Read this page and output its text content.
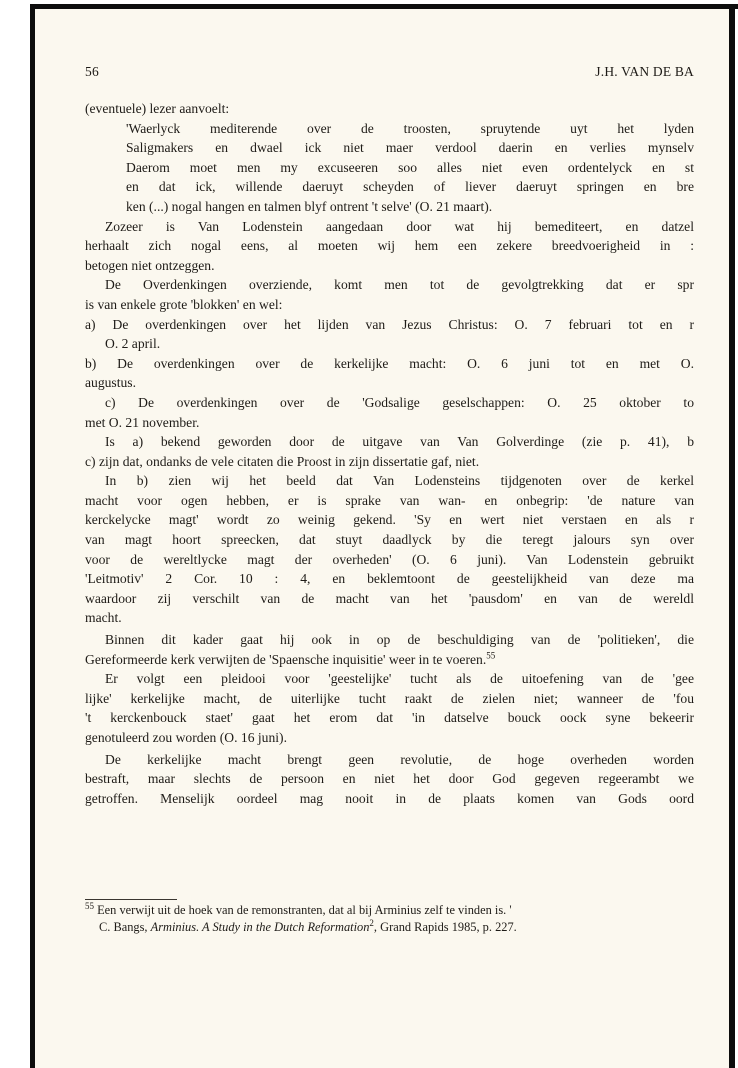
56	J.H. VAN DE BA
(eventuele) lezer aanvoelt:
'Waerlyck mediterende over de troosten, spruytende uyt het lyden
Saligmakers en dwael ick niet maer verdool daerin en verlies mynselv
Daerom moet men my excuseeren soo alles niet even ordentelyck en st
en dat ick, willende daeruyt scheyden of liever daeruyt springen en bre
ken (...) nogal hangen en talmen blyf ontrent 't selve' (O. 21 maart).
Zozeer is Van Lodenstein aangedaan door wat hij bemediteert, en datzel
herhaalt zich nogal eens, al moeten wij hem een zekere breedvoerigheid in :
betogen niet ontzeggen.
De Overdenkingen overziende, komt men tot de gevolgtrekking dat er spr
is van enkele grote 'blokken' en wel:
a) De overdenkingen over het lijden van Jezus Christus: O. 7 februari tot en r
O. 2 april.
b) De overdenkingen over de kerkelijke macht: O. 6 juni tot en met O.
augustus.
c) De overdenkingen over de 'Godsalige geselschappen: O. 25 oktober to
met O. 21 november.
Is a) bekend geworden door de uitgave van Van Golverdinge (zie p. 41), b
c) zijn dat, ondanks de vele citaten die Proost in zijn dissertatie gaf, niet.
In b) zien wij het beeld dat Van Lodensteins tijdgenoten over de kerkel
macht voor ogen hebben, er is sprake van wan- en onbegrip: 'de nature van
kerckelycke magt' wordt zo weinig gekend. 'Sy en wert niet verstaen en als r
van magt hoort spreecken, dat stuyt daadlyck by die teregt jalours syn over
voor de wereltlycke magt der overheden' (O. 6 juni). Van Lodenstein gebruikt
'Leitmotiv' 2 Cor. 10 : 4, en beklemtoont de geestelijkheid van deze ma
waardoor zij verschilt van de macht van het 'pausdom' en van de wereldl
macht.
Binnen dit kader gaat hij ook in op de beschuldiging van de 'politieken', die
Gereformeerde kerk verwijten de 'Spaensche inquisitie' weer in te voeren.$^{55}$
Er volgt een pleidooi voor 'geestelijke' tucht als de uitoefening van de 'gee
lijke' kerkelijke macht, de uiterlijke tucht raakt de zielen niet; wanneer de 'fou
't kerckenbouck staet' gaat het erom dat 'in datselve bouck oock syne bekeerir
genotuleerd zou worden (O. 16 juni).
De kerkelijke macht brengt geen revolutie, de hoge overheden worden
bestraft, maar slechts de persoon en niet het door God gegeven regeerambt we
getroffen. Menselijk oordeel mag nooit in de plaats komen van Gods oord
$^{55}$ Een verwijt uit de hoek van de remonstranten, dat al bij Arminius zelf te vinden is. '
C. Bangs, Arminius. A Study in the Dutch Reformation$^2$, Grand Rapids 1985, p. 227.
